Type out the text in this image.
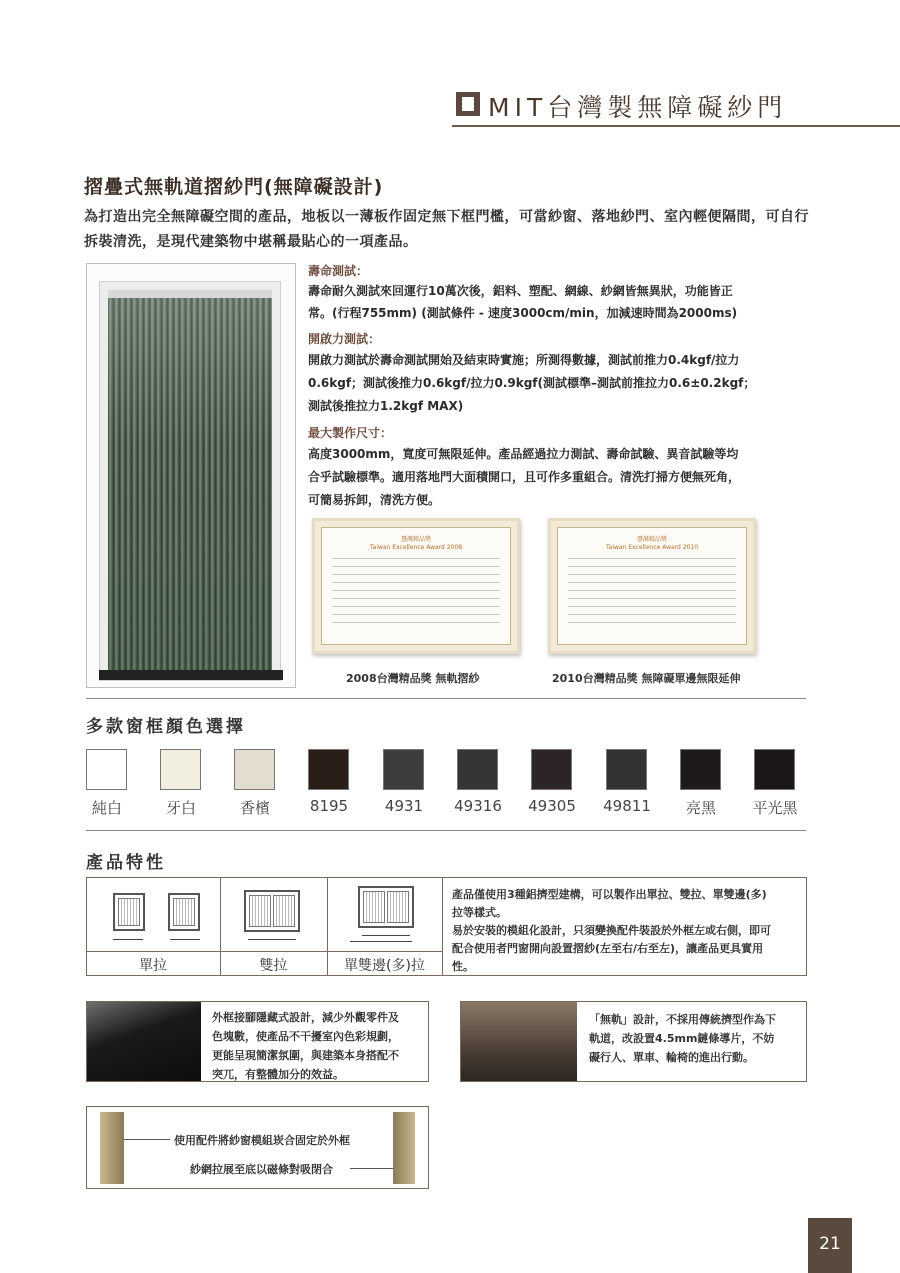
MIT台灣製無障礙紗門
摺疊式無軌道摺紗門(無障礙設計)
為打造出完全無障礙空間的產品，地板以一薄板作固定無下框門檻，可當紗窗、落地紗門、室內輕便隔間，可自行拆裝清洗，是現代建築物中堪稱最貼心的一項產品。
壽命測試：
壽命耐久測試來回運行10萬次後，鋁料、塑配、網線、紗網皆無異狀，功能皆正
常。(行程755mm) (測試條件 - 速度3000cm/min，加減速時間為2000ms)
開啟力測試：
開啟力測試於壽命測試開始及結束時實施；所測得數據，測試前推力0.4kgf/拉力
0.6kgf；測試後推力0.6kgf/拉力0.9kgf(測試標準–測試前推拉力0.6±0.2kgf；
測試後推拉力1.2kgf MAX)
最大製作尺寸：
高度3000mm，寬度可無限延伸。產品經過拉力測試、壽命試驗、異音試驗等均
合乎試驗標準。適用落地門大面積開口，且可作多重組合。清洗打掃方便無死角，
可簡易拆卸，清洗方便。
臺灣精品獎
Taiwan Excellence Award 2008
2008台灣精品獎 無軌摺紗
臺灣精品獎
Taiwan Excellence Award 2010
2010台灣精品獎 無障礙單邊無限延伸
多款窗框顏色選擇
純白	牙白	香檳	8195	4931	49316	49305	49811	亮黑	平光黑
產品特性
單拉	雙拉	單雙邊(多)拉
產品僅使用3種鋁擠型建構，可以製作出單拉、雙拉、單雙邊(多)
拉等樣式。
易於安裝的模組化設計，只須變換配件裝設於外框左或右側，即可
配合使用者門窗開向設置摺紗(左至右/右至左)，讓產品更具實用
性。
外框接腳隱藏式設計，減少外觀零件及
色塊數，使產品不干擾室內色彩規劃，
更能呈現簡潔氛圍，與建築本身搭配不
突兀，有整體加分的效益。
「無軌」設計，不採用傳統擠型作為下
軌道，改設置4.5mm鏈條導片，不妨
礙行人、單車、輪椅的進出行動。
使用配件將紗窗模組崁合固定於外框
紗網拉展至底以磁條對吸閉合
21
